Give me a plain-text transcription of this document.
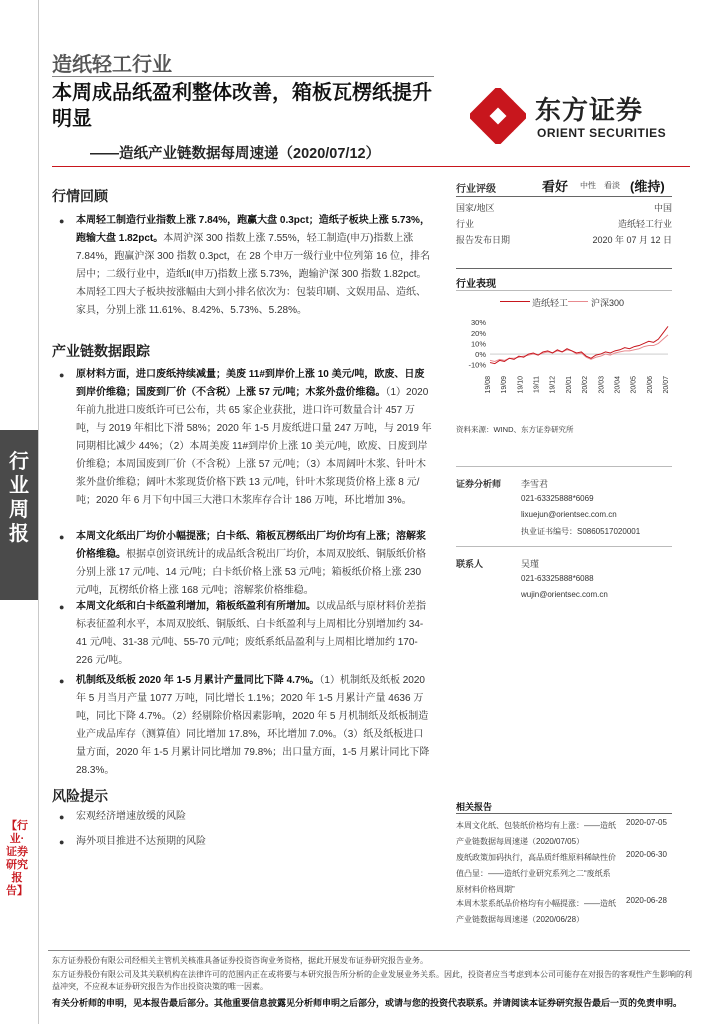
行业周报
【行业·证券研究报告】
造纸轻工行业
本周成品纸盈利整体改善，箱板瓦楞纸提升明显
——造纸产业链数据每周速递（2020/07/12）
东方证券
ORIENT SECURITIES
行情回顾
● 本周轻工制造行业指数上涨 7.84%，跑赢大盘 0.3pct；造纸子板块上涨 5.73%，跑输大盘 1.82pct。本周沪深 300 指数上涨 7.55%，轻工制造(申万)指数上涨 7.84%，跑赢沪深 300 指数 0.3pct，在 28 个申万一级行业中位列第 16 位，排名居中；二级行业中，造纸Ⅱ(申万)指数上涨 5.73%，跑输沪深 300 指数 1.82pct。本周轻工四大子板块按涨幅由大到小排名依次为：包装印刷、文娱用品、造纸、家具，分别上涨 11.61%、8.42%、5.73%、5.28%。
产业链数据跟踪
● 原材料方面，进口废纸持续减量；美废 11#到岸价上涨 10 美元/吨，欧废、日废到岸价维稳；国废到厂价（不含税）上涨 57 元/吨；木浆外盘价维稳。（1）2020 年前九批进口废纸许可已公布，共 65 家企业获批，进口许可数量合计 457 万吨，与 2019 年相比下滑 58%；2020 年 1-5 月废纸进口量 247 万吨，与 2019 年同期相比减少 44%；（2）本周美废 11#到岸价上涨 10 美元/吨，欧废、日废到岸价维稳；本周国废到厂价（不含税）上涨 57 元/吨；（3）本周阔叶木浆、针叶木浆外盘价维稳；阔叶木浆现货价格下跌 13 元/吨，针叶木浆现货价格上涨 8 元/吨；2020 年 6 月下旬中国三大港口木浆库存合计 186 万吨，环比增加 3%。
● 本周文化纸出厂均价小幅提涨；白卡纸、箱板瓦楞纸出厂均价均有上涨；溶解浆价格维稳。根据卓创资讯统计的成品纸含税出厂均价，本周双胶纸、铜版纸价格分别上涨 17 元/吨、14 元/吨；白卡纸价格上涨 53 元/吨；箱板纸价格上涨 230 元/吨，瓦楞纸价格上涨 168 元/吨；溶解浆价格维稳。
● 本周文化纸和白卡纸盈利增加，箱板纸盈利有所增加。以成品纸与原材料价差指标表征盈利水平，本周双胶纸、铜版纸、白卡纸盈利与上周相比分别增加约 34-41 元/吨、31-38 元/吨、55-70 元/吨；废纸系纸品盈利与上周相比增加约 170-226 元/吨。
● 机制纸及纸板 2020 年 1-5 月累计产量同比下降 4.7%。（1）机制纸及纸板 2020 年 5 月当月产量 1077 万吨，同比增长 1.1%；2020 年 1-5 月累计产量 4636 万吨，同比下降 4.7%。（2）经剔除价格因素影响，2020 年 5 月机制纸及纸板制造业产成品库存（测算值）同比增加 17.8%，环比增加 7.0%。（3）纸及纸板进口量方面，2020 年 1-5 月累计同比增加 79.8%；出口量方面，1-5 月累计同比下降 28.3%。
风险提示
● 宏观经济增速放缓的风险
● 海外项目推进不达预期的风险
行业评级	看好 中性 看淡 (维持)
国家/地区	中国
行业	造纸轻工行业
报告发布日期	2020 年 07 月 12 日
行业表现
造纸轻工	沪深300
30%
20%
10%
0%
-10%
19/08 19/09 19/10 19/11 19/12 20/01 20/02 20/03 20/04 20/05 20/06 20/07
资料来源：WIND、东方证券研究所
证券分析师 李雪君
021-63325888*6069
lixuejun@orientsec.com.cn
执业证书编号：S0860517020001
联系人	吴瑾
021-63325888*6088
wujin@orientsec.com.cn
相关报告
本周文化纸、包装纸价格均有上涨：——造纸产业链数据每周速递（2020/07/05）
2020-07-05
废纸政策加码执行，高品质纤维原料稀缺性价值凸显：——造纸行业研究系列之二“废纸系原材料价格周期”
2020-06-30
本周木浆系纸品价格均有小幅提涨：——造纸产业链数据每周速递（2020/06/28）
2020-06-28
东方证券股份有限公司经相关主管机关核准具备证券投资咨询业务资格，据此开展发布证券研究报告业务。
东方证券股份有限公司及其关联机构在法律许可的范围内正在或将要与本研究报告所分析的企业发展业务关系。因此，投资者应当考虑到本公司可能存在对报告的客观性产生影响的利益冲突，不应视本证券研究报告为作出投资决策的唯一因素。
有关分析师的申明，见本报告最后部分。其他重要信息披露见分析师申明之后部分，或请与您的投资代表联系。并请阅读本证券研究报告最后一页的免责申明。
